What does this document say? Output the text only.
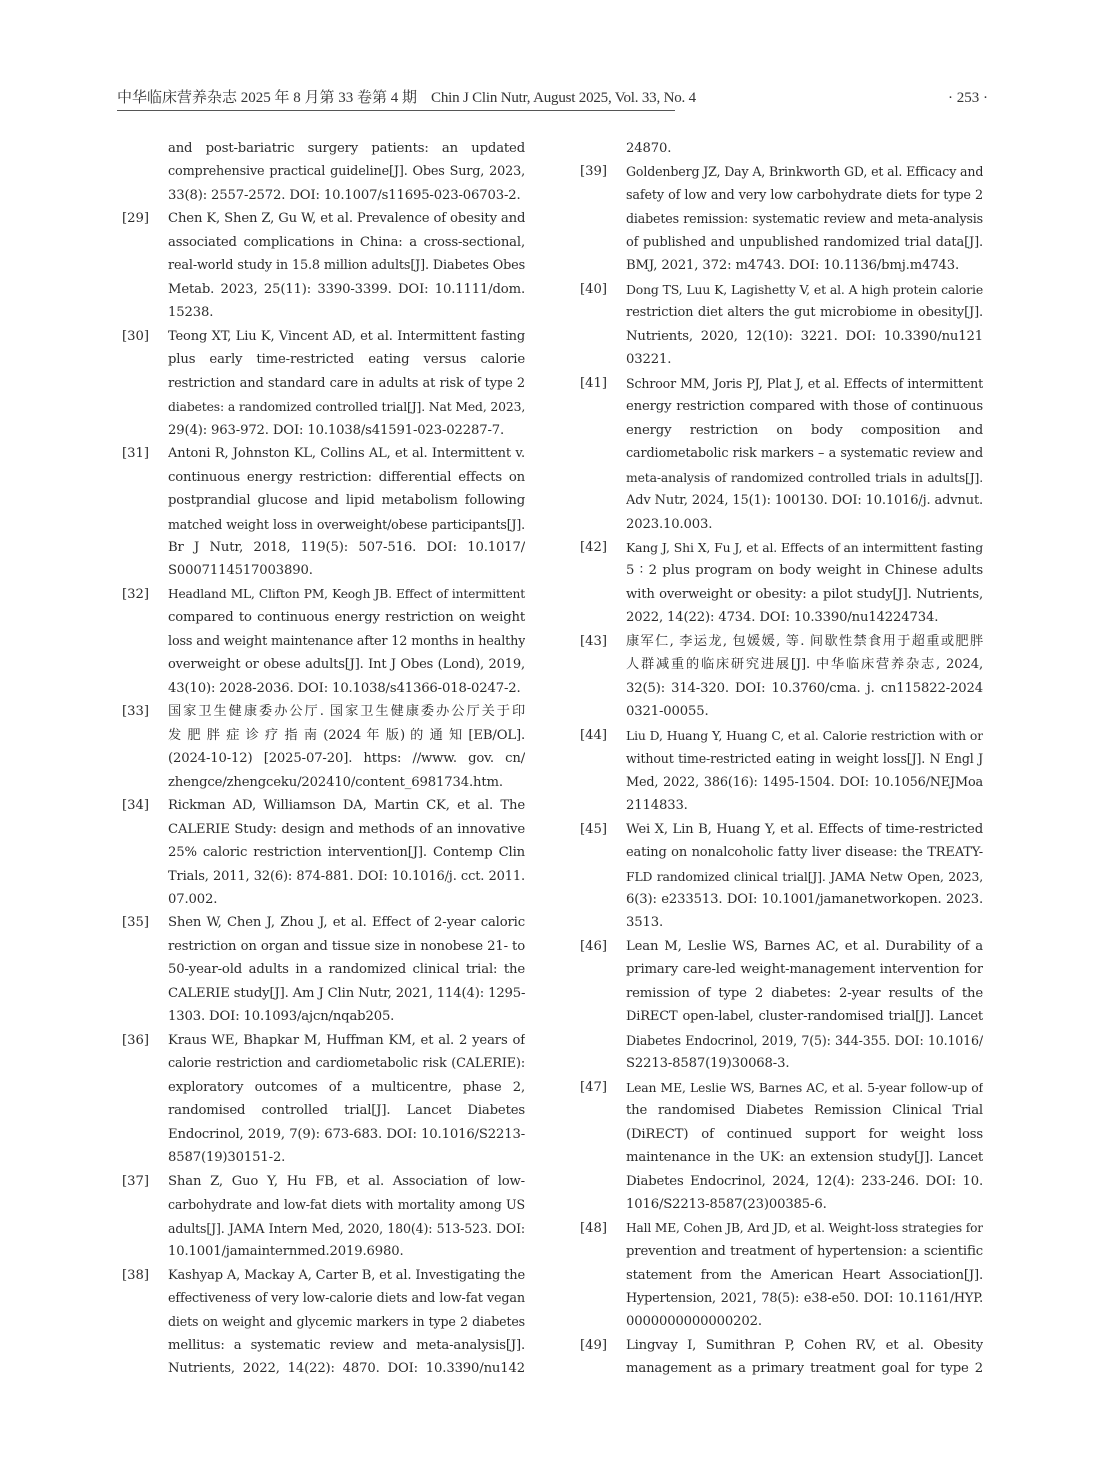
中华临床营养杂志 2025 年 8 月第 33 卷第 4 期 Chin J Clin Nutr, August 2025, Vol. 33, No. 4	· 253 ·
and post-bariatric surgery patients: an updated
comprehensive practical guideline[J]. Obes Surg, 2023,
33(8): 2557-2572. DOI: 10.1007/s11695-023-06703-2.
[29]	Chen K, Shen Z, Gu W, et al. Prevalence of obesity and
associated complications in China: a cross-sectional,
real-world study in 15.8 million adults[J]. Diabetes Obes
Metab. 2023, 25(11): 3390-3399. DOI: 10.1111/dom.
15238.
[30]	Teong XT, Liu K, Vincent AD, et al. Intermittent fasting
plus early time-restricted eating versus calorie
restriction and standard care in adults at risk of type 2
diabetes: a randomized controlled trial[J]. Nat Med, 2023,
29(4): 963-972. DOI: 10.1038/s41591-023-02287-7.
[31]	Antoni R, Johnston KL, Collins AL, et al. Intermittent v.
continuous energy restriction: differential effects on
postprandial glucose and lipid metabolism following
matched weight loss in overweight/obese participants[J].
Br J Nutr, 2018, 119(5): 507-516. DOI: 10.1017/
S0007114517003890.
[32]	Headland ML, Clifton PM, Keogh JB. Effect of intermittent
compared to continuous energy restriction on weight
loss and weight maintenance after 12 months in healthy
overweight or obese adults[J]. Int J Obes (Lond), 2019,
43(10): 2028-2036. DOI: 10.1038/s41366-018-0247-2.
[33]	国家卫生健康委办公厅. 国家卫生健康委办公厅关于印
发 肥 胖 症 诊 疗 指 南 (2024 年 版) 的 通 知 [EB/OL].
(2024-10-12) [2025-07-20]. https: //www. gov. cn/
zhengce/zhengceku/202410/content_6981734.htm.
[34]	Rickman AD, Williamson DA, Martin CK, et al. The
CALERIE Study: design and methods of an innovative
25% caloric restriction intervention[J]. Contemp Clin
Trials, 2011, 32(6): 874-881. DOI: 10.1016/j. cct. 2011.
07.002.
[35]	Shen W, Chen J, Zhou J, et al. Effect of 2-year caloric
restriction on organ and tissue size in nonobese 21- to
50-year-old adults in a randomized clinical trial: the
CALERIE study[J]. Am J Clin Nutr, 2021, 114(4): 1295-
1303. DOI: 10.1093/ajcn/nqab205.
[36]	Kraus WE, Bhapkar M, Huffman KM, et al. 2 years of
calorie restriction and cardiometabolic risk (CALERIE):
exploratory outcomes of a multicentre, phase 2,
randomised controlled trial[J]. Lancet Diabetes
Endocrinol, 2019, 7(9): 673-683. DOI: 10.1016/S2213-
8587(19)30151-2.
[37]	Shan Z, Guo Y, Hu FB, et al. Association of low-
carbohydrate and low-fat diets with mortality among US
adults[J]. JAMA Intern Med, 2020, 180(4): 513-523. DOI:
10.1001/jamainternmed.2019.6980.
[38]	Kashyap A, Mackay A, Carter B, et al. Investigating the
effectiveness of very low-calorie diets and low-fat vegan
diets on weight and glycemic markers in type 2 diabetes
mellitus: a systematic review and meta-analysis[J].
Nutrients, 2022, 14(22): 4870. DOI: 10.3390/nu142
24870.
[39]	Goldenberg JZ, Day A, Brinkworth GD, et al. Efficacy and
safety of low and very low carbohydrate diets for type 2
diabetes remission: systematic review and meta-analysis
of published and unpublished randomized trial data[J].
BMJ, 2021, 372: m4743. DOI: 10.1136/bmj.m4743.
[40]	Dong TS, Luu K, Lagishetty V, et al. A high protein calorie
restriction diet alters the gut microbiome in obesity[J].
Nutrients, 2020, 12(10): 3221. DOI: 10.3390/nu121
03221.
[41]	Schroor MM, Joris PJ, Plat J, et al. Effects of intermittent
energy restriction compared with those of continuous
energy restriction on body composition and
cardiometabolic risk markers – a systematic review and
meta-analysis of randomized controlled trials in adults[J].
Adv Nutr, 2024, 15(1): 100130. DOI: 10.1016/j. advnut.
2023.10.003.
[42]	Kang J, Shi X, Fu J, et al. Effects of an intermittent fasting
5 ∶ 2 plus program on body weight in Chinese adults
with overweight or obesity: a pilot study[J]. Nutrients,
2022, 14(22): 4734. DOI: 10.3390/nu14224734.
[43]	康军仁, 李运龙, 包媛媛, 等. 间歇性禁食用于超重或肥胖
人群减重的临床研究进展[J]. 中华临床营养杂志, 2024,
32(5): 314-320. DOI: 10.3760/cma. j. cn115822-2024
0321-00055.
[44]	Liu D, Huang Y, Huang C, et al. Calorie restriction with or
without time-restricted eating in weight loss[J]. N Engl J
Med, 2022, 386(16): 1495-1504. DOI: 10.1056/NEJMoa
2114833.
[45]	Wei X, Lin B, Huang Y, et al. Effects of time-restricted
eating on nonalcoholic fatty liver disease: the TREATY-
FLD randomized clinical trial[J]. JAMA Netw Open, 2023,
6(3): e233513. DOI: 10.1001/jamanetworkopen. 2023.
3513.
[46]	Lean M, Leslie WS, Barnes AC, et al. Durability of a
primary care-led weight-management intervention for
remission of type 2 diabetes: 2-year results of the
DiRECT open-label, cluster-randomised trial[J]. Lancet
Diabetes Endocrinol, 2019, 7(5): 344-355. DOI: 10.1016/
S2213-8587(19)30068-3.
[47]	Lean ME, Leslie WS, Barnes AC, et al. 5-year follow-up of
the randomised Diabetes Remission Clinical Trial
(DiRECT) of continued support for weight loss
maintenance in the UK: an extension study[J]. Lancet
Diabetes Endocrinol, 2024, 12(4): 233-246. DOI: 10.
1016/S2213-8587(23)00385-6.
[48]	Hall ME, Cohen JB, Ard JD, et al. Weight-loss strategies for
prevention and treatment of hypertension: a scientific
statement from the American Heart Association[J].
Hypertension, 2021, 78(5): e38-e50. DOI: 10.1161/HYP.
0000000000000202.
[49]	Lingvay I, Sumithran P, Cohen RV, et al. Obesity
management as a primary treatment goal for type 2
